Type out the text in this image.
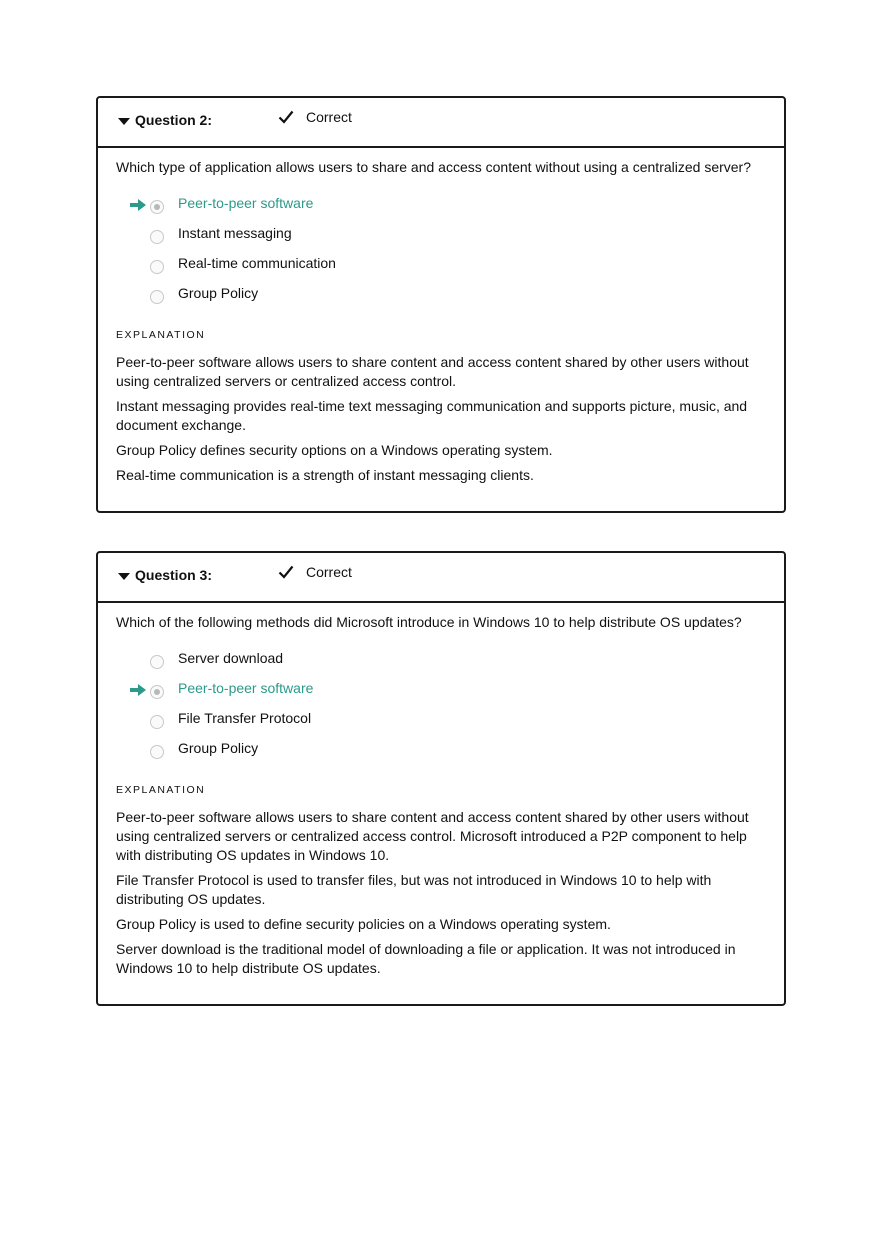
Question 2:	Correct

Which type of application allows users to share and access content without using a centralized server?

Peer-to-peer software
Instant messaging
Real-time communication
Group Policy
EXPLANATION

Peer-to-peer software allows users to share content and access content shared by other users without using centralized servers or centralized access control.

Instant messaging provides real-time text messaging communication and supports picture, music, and document exchange.

Group Policy defines security options on a Windows operating system.

Real-time communication is a strength of instant messaging clients.

Question 3:	Correct

Which of the following methods did Microsoft introduce in Windows 10 to help distribute OS updates?

Server download
Peer-to-peer software
File Transfer Protocol
Group Policy
EXPLANATION

Peer-to-peer software allows users to share content and access content shared by other users without using centralized servers or centralized access control. Microsoft introduced a P2P component to help with distributing OS updates in Windows 10.

File Transfer Protocol is used to transfer files, but was not introduced in Windows 10 to help with distributing OS updates.

Group Policy is used to define security policies on a Windows operating system.

Server download is the traditional model of downloading a file or application. It was not introduced in Windows 10 to help distribute OS updates.
